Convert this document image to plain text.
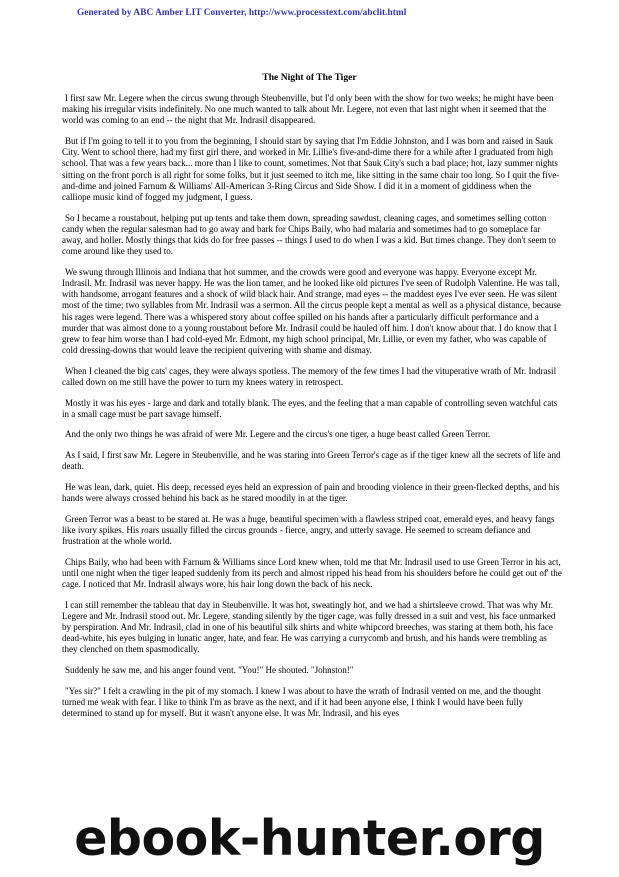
Generated by ABC Amber LIT Converter, http://www.processtext.com/abclit.html
The Night of The Tiger

I first saw Mr. Legere when the circus swung through Steubenville, but I'd only been with the show for two weeks; he might have been making his irregular visits indefinitely. No one much wanted to talk about Mr. Legere, not even that last night when it seemed that the world was coming to an end -- the night that Mr. Indrasil disappeared.

But if I'm going to tell it to you from the beginning, I should start by saying that I'm Eddie Johnston, and I was born and raised in Sauk City. Went to school there, had my first girl there, and worked in Mr. Lillie's five-and-dime there for a while after I graduated from high school. That was a few years back... more than I like to count, sometimes. Not that Sauk City's such a bad place; hot, lazy summer nights sitting on the front porch is all right for some folks, but it just seemed to itch me, like sitting in the same chair too long. So I quit the five-and-dime and joined Farnum & Williams' All-American 3-Ring Circus and Side Show. I did it in a moment of giddiness when the calliope music kind of fogged my judgment, I guess.

So I became a roustabout, helping put up tents and take them down, spreading sawdust, cleaning cages, and sometimes selling cotton candy when the regular salesman had to go away and bark for Chips Baily, who had malaria and sometimes had to go someplace far away, and holler. Mostly things that kids do for free passes -- things I used to do when I was a kid. But times change. They don't seem to come around like they used to.

We swung through Illinois and Indiana that hot summer, and the crowds were good and everyone was happy. Everyone except Mr. Indrasil. Mr. Indrasil was never happy. He was the lion tamer, and he looked like old pictures I've seen of Rudolph Valentine. He was tall, with handsome, arrogant features and a shock of wild black hair. And strange, mad eyes -- the maddest eyes I've ever seen. He was silent most of the time; two syllables from Mr. Indrasil was a sermon. All the circus people kept a mental as well as a physical distance, because his rages were legend. There was a whispered story about coffee spilled on his hands after a particularly difficult performance and a murder that was almost done to a young roustabout before Mr. Indrasil could be hauled off him. I don't know about that. I do know that I grew to fear him worse than I had cold-eyed Mr. Edmont, my high school principal, Mr. Lillie, or even my father, who was capable of cold dressing-downs that would leave the recipient quivering with shame and dismay.

When I cleaned the big cats' cages, they were always spotless. The memory of the few times I had the vituperative wrath of Mr. Indrasil called down on me still have the power to turn my knees watery in retrospect.

Mostly it was his eyes - large and dark and totally blank. The eyes, and the feeling that a man capable of controlling seven watchful cats in a small cage must be part savage himself.

And the only two things he was afraid of were Mr. Legere and the circus's one tiger, a huge beast called Green Terror.

As I said, I first saw Mr. Legere in Steubenville, and he was staring into Green Terror's cage as if the tiger knew all the secrets of life and death.

He was lean, dark, quiet. His deep, recessed eyes held an expression of pain and brooding violence in their green-flecked depths, and his hands were always crossed behind his back as he stared moodily in at the tiger.

Green Terror was a beast to be stared at. He was a huge, beautiful specimen with a flawless striped coat, emerald eyes, and heavy fangs like ivory spikes. His roars usually filled the circus grounds - fierce, angry, and utterly savage. He seemed to scream defiance and frustration at the whole world.

Chips Baily, who had been with Farnum & Williams since Lord knew when, told me that Mr. Indrasil used to use Green Terror in his act, until one night when the tiger leaped suddenly from its perch and almost ripped his head from his shoulders before he could get out of' the cage. I noticed that Mr. Indrasil always wore, his hair long down the back of his neck.

I can still remember the tableau that day in Steubenville. It was hot, sweatingly hot, and we had a shirtsleeve crowd. That was why Mr. Legere and Mr. Indrasil stood out. Mr. Legere, standing silently by the tiger cage, was fully dressed in a suit and vest, his face unmarked by perspiration. And Mr. Indrasil, clad in one of his beautiful silk shirts and white whipcord breeches, was staring at them both, his face dead-white, his eyes bulging in lunatic anger, hate, and fear. He was carrying a currycomb and brush, and his hands were trembling as they clenched on them spasmodically.

Suddenly he saw me, and his anger found vent. "You!" He shouted. "Johnston!"

"Yes sir?" I felt a crawling in the pit of my stomach. I knew I was about to have the wrath of Indrasil vented on me, and the thought turned me weak with fear. I like to think I'm as brave as the next, and if it had been anyone else, I think I would have been fully determined to stand up for myself. But it wasn't anyone else. It was Mr. Indrasil, and his eyes

ebook-hunter.org
